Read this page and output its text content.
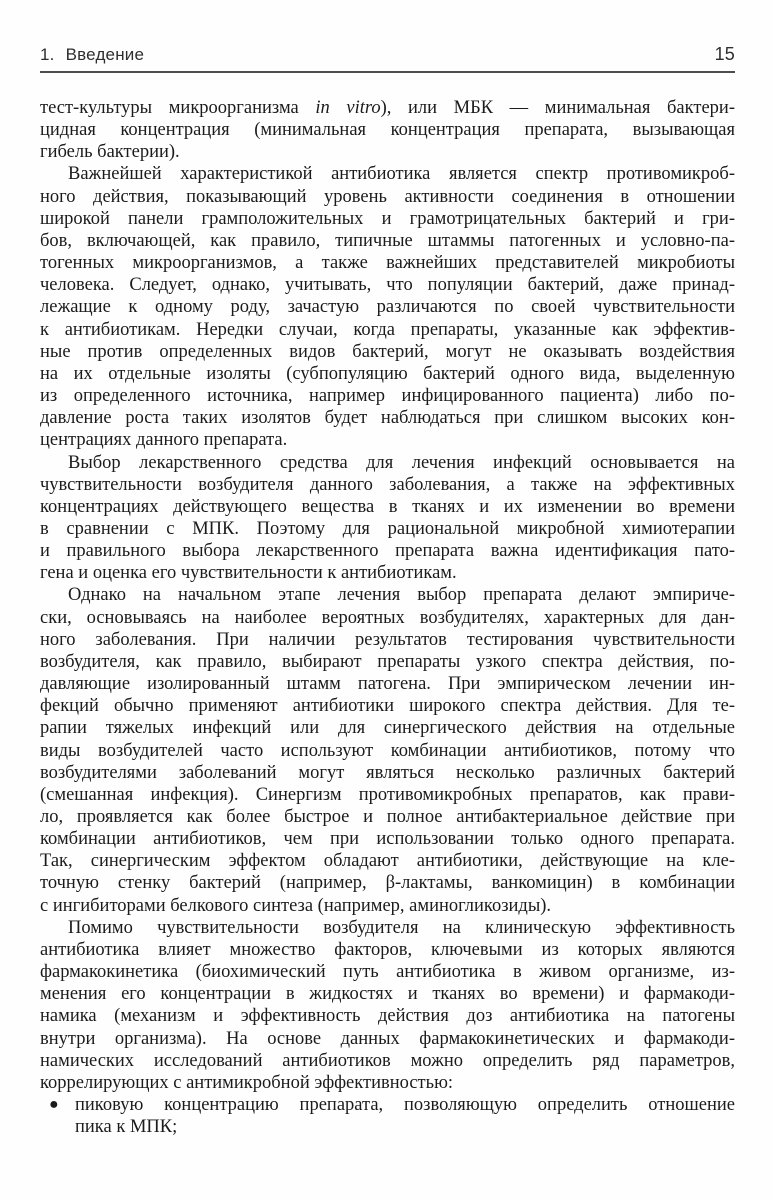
1. Введение	15
тест-культуры микроорганизма in vitro), или МБК — минимальная бактери-
цидная концентрация (минимальная концентрация препарата, вызывающая
гибель бактерии).
Важнейшей характеристикой антибиотика является спектр противомикроб-
ного действия, показывающий уровень активности соединения в отношении
широкой панели грамположительных и грамотрицательных бактерий и гри-
бов, включающей, как правило, типичные штаммы патогенных и условно-па-
тогенных микроорганизмов, а также важнейших представителей микробиоты
человека. Следует, однако, учитывать, что популяции бактерий, даже принад-
лежащие к одному роду, зачастую различаются по своей чувствительности
к антибиотикам. Нередки случаи, когда препараты, указанные как эффектив-
ные против определенных видов бактерий, могут не оказывать воздействия
на их отдельные изоляты (субпопуляцию бактерий одного вида, выделенную
из определенного источника, например инфицированного пациента) либо по-
давление роста таких изолятов будет наблюдаться при слишком высоких кон-
центрациях данного препарата.
Выбор лекарственного средства для лечения инфекций основывается на
чувствительности возбудителя данного заболевания, а также на эффективных
концентрациях действующего вещества в тканях и их изменении во времени
в сравнении с МПК. Поэтому для рациональной микробной химиотерапии
и правильного выбора лекарственного препарата важна идентификация пато-
гена и оценка его чувствительности к антибиотикам.
Однако на начальном этапе лечения выбор препарата делают эмпириче-
ски, основываясь на наиболее вероятных возбудителях, характерных для дан-
ного заболевания. При наличии результатов тестирования чувствительности
возбудителя, как правило, выбирают препараты узкого спектра действия, по-
давляющие изолированный штамм патогена. При эмпирическом лечении ин-
фекций обычно применяют антибиотики широкого спектра действия. Для те-
рапии тяжелых инфекций или для синергического действия на отдельные
виды возбудителей часто используют комбинации антибиотиков, потому что
возбудителями заболеваний могут являться несколько различных бактерий
(смешанная инфекция). Синергизм противомикробных препаратов, как прави-
ло, проявляется как более быстрое и полное антибактериальное действие при
комбинации антибиотиков, чем при использовании только одного препарата.
Так, синергическим эффектом обладают антибиотики, действующие на кле-
точную стенку бактерий (например, β-лактамы, ванкомицин) в комбинации
с ингибиторами белкового синтеза (например, аминогликозиды).
Помимо чувствительности возбудителя на клиническую эффективность
антибиотика влияет множество факторов, ключевыми из которых являются
фармакокинетика (биохимический путь антибиотика в живом организме, из-
менения его концентрации в жидкостях и тканях во времени) и фармакоди-
намика (механизм и эффективность действия доз антибиотика на патогены
внутри организма). На основе данных фармакокинетических и фармакоди-
намических исследований антибиотиков можно определить ряд параметров,
коррелирующих с антимикробной эффективностью:
● пиковую концентрацию препарата, позволяющую определить отношение
пика к МПК;
